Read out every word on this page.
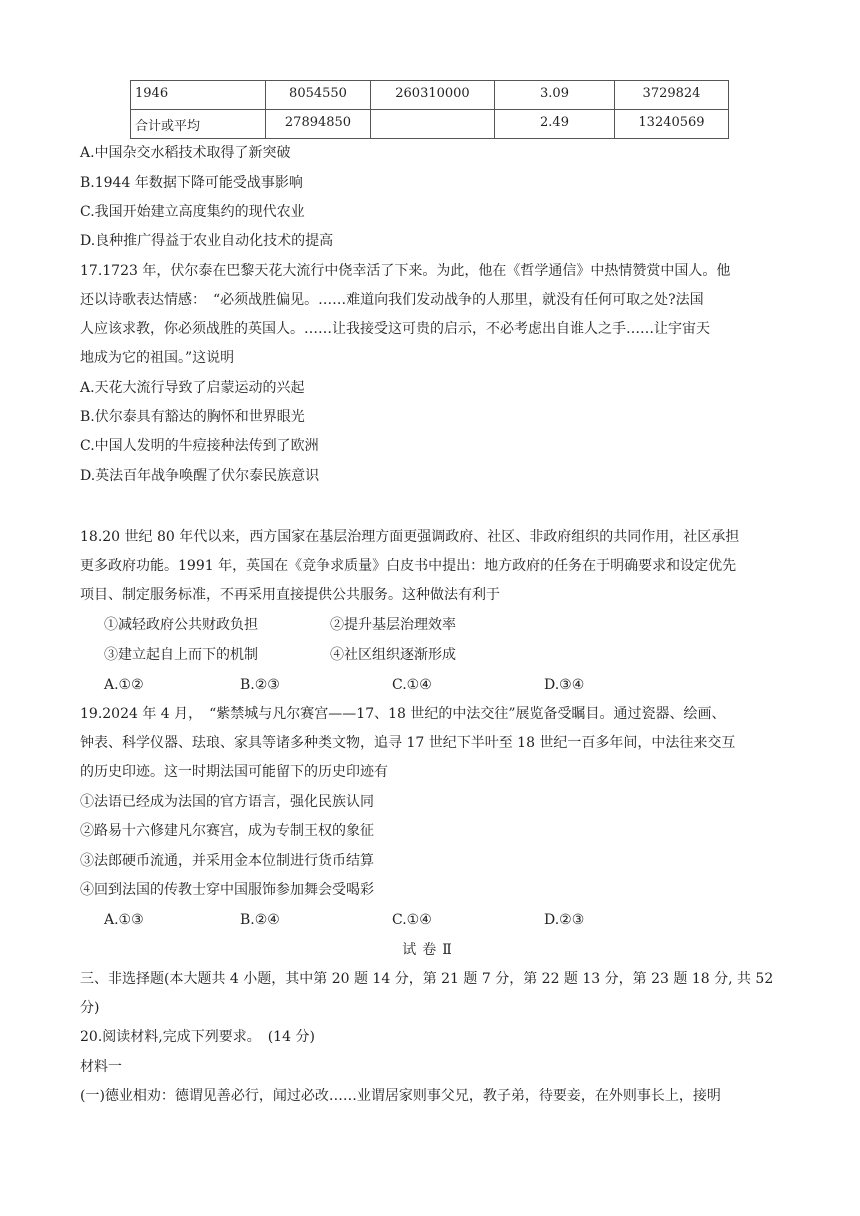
1946	8054550	260310000	3.09	3729824
合计或平均	27894850		2.49	13240569
A.中国杂交水稻技术取得了新突破
B.1944 年数据下降可能受战事影响
C.我国开始建立高度集约的现代农业
D.良种推广得益于农业自动化技术的提高
17.1723 年，伏尔泰在巴黎天花大流行中侥幸活了下来。为此，他在《哲学通信》中热情赞赏中国人。他
还以诗歌表达情感：　“必须战胜偏见。……难道向我们发动战争的人那里，就没有任何可取之处?法国
人应该求教，你必须战胜的英国人。……让我接受这可贵的启示，不必考虑出自谁人之手……让宇宙天
地成为它的祖国。”这说明
A.天花大流行导致了启蒙运动的兴起
B.伏尔泰具有豁达的胸怀和世界眼光
C.中国人发明的牛痘接种法传到了欧洲
D.英法百年战争唤醒了伏尔泰民族意识
18.20 世纪 80 年代以来，西方国家在基层治理方面更强调政府、社区、非政府组织的共同作用，社区承担
更多政府功能。1991 年，英国在《竞争求质量》白皮书中提出：地方政府的任务在于明确要求和设定优先
项目、制定服务标准，不再采用直接提供公共服务。这种做法有利于
①减轻政府公共财政负担	②提升基层治理效率
③建立起自上而下的机制	④社区组织逐渐形成
A.①②	B.②③	C.①④	D.③④
19.2024 年 4 月，　“紫禁城与凡尔赛宫——17、18 世纪的中法交往”展览备受瞩目。通过瓷器、绘画、
钟表、科学仪器、珐琅、家具等诸多种类文物，追寻 17 世纪下半叶至 18 世纪一百多年间，中法往来交互
的历史印迹。这一时期法国可能留下的历史印迹有
①法语已经成为法国的官方语言，强化民族认同
②路易十六修建凡尔赛宫，成为专制王权的象征
③法郎硬币流通，并采用金本位制进行货币结算
④回到法国的传教士穿中国服饰参加舞会受喝彩
A.①③	B.②④	C.①④	D.②③
试卷Ⅱ
三、非选择题(本大题共 4 小题，其中第 20 题 14 分，第 21 题 7 分，第 22 题 13 分，第 23 题 18 分, 共 52
分)
20.阅读材料,完成下列要求。　(14 分)
材料一
(一)德业相劝：德谓见善必行，闻过必改……业谓居家则事父兄，教子弟，待要妾，在外则事长上，接明
